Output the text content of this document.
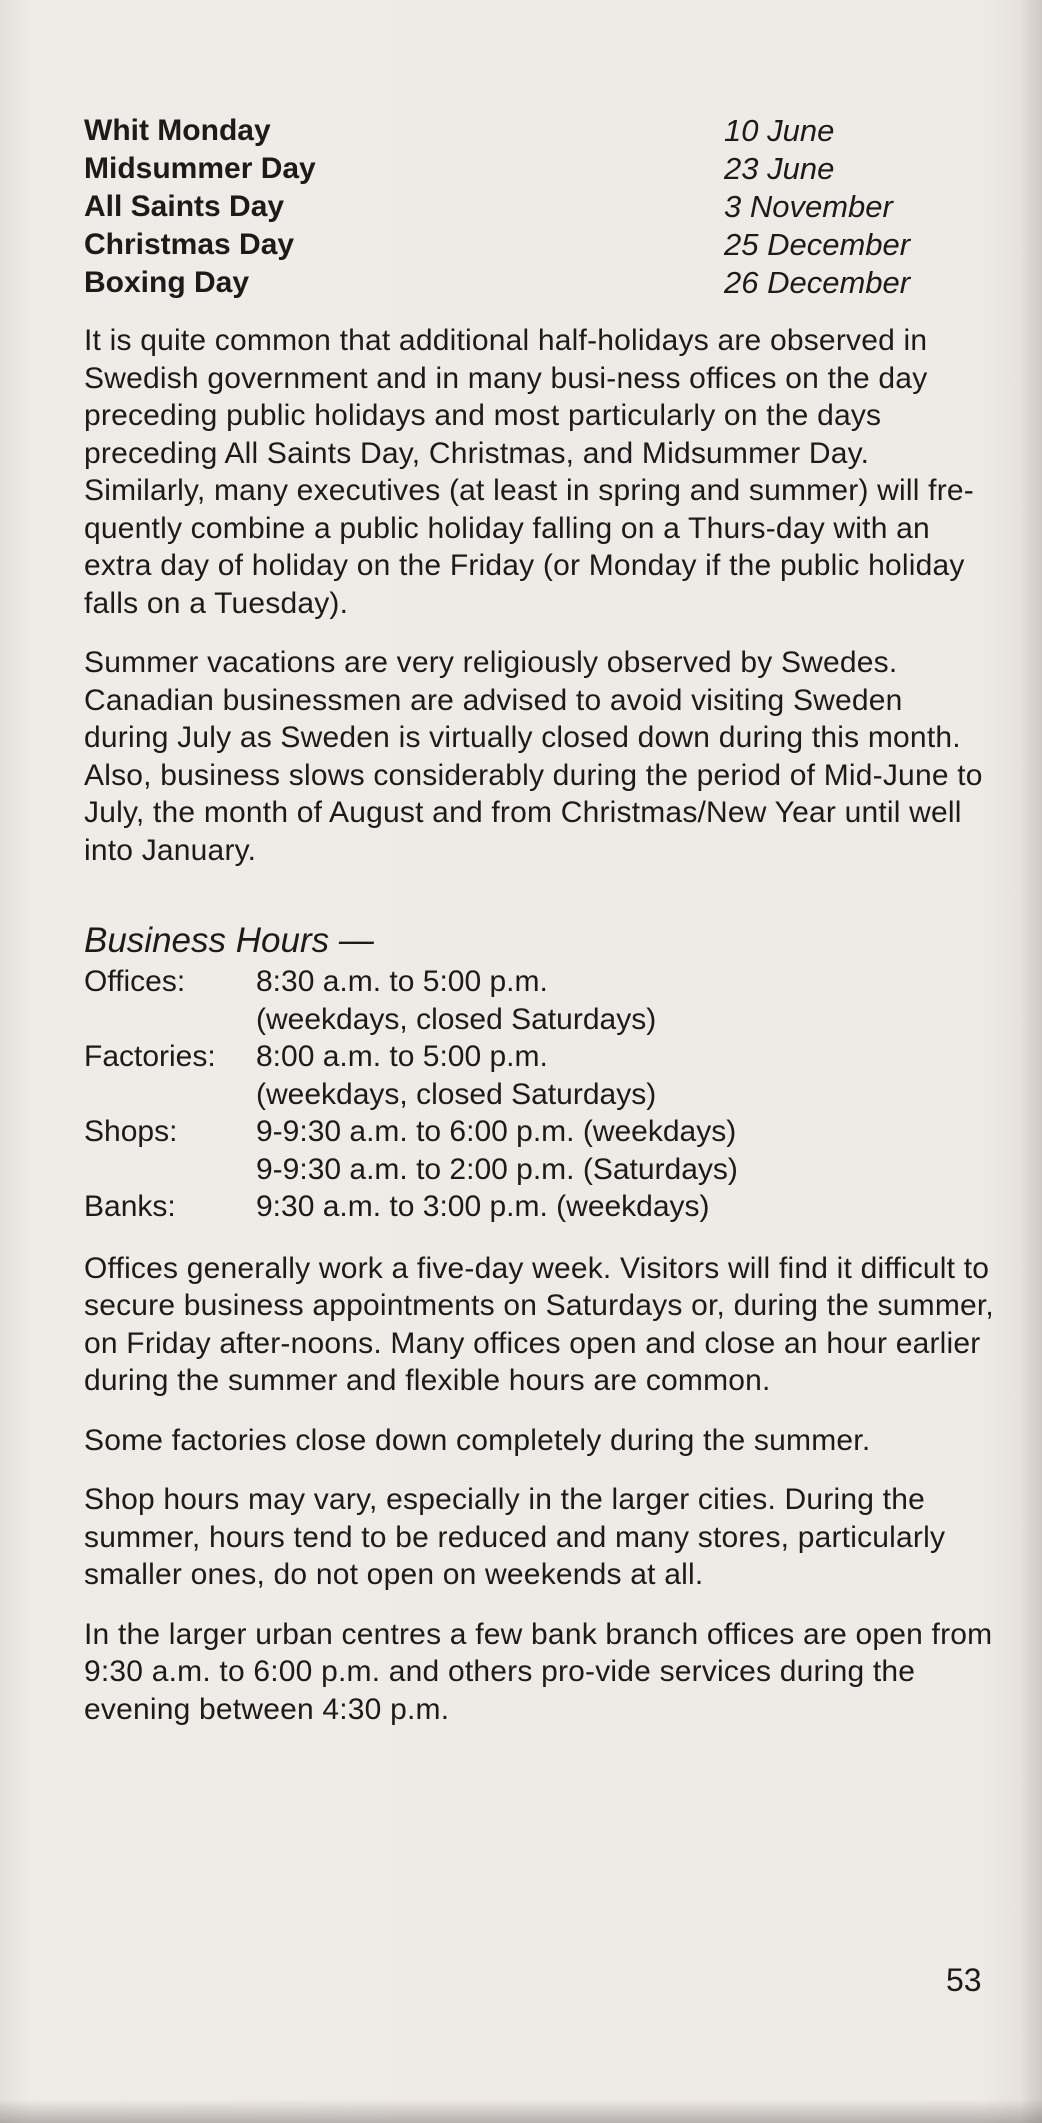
Whit Monday	10 June
Midsummer Day	23 June
All Saints Day	3 November
Christmas Day	25 December
Boxing Day	26 December

It is quite common that additional half-holidays are observed in Swedish government and in many busi-ness offices on the day preceding public holidays and most particularly on the days preceding All Saints Day, Christmas, and Midsummer Day. Similarly, many executives (at least in spring and summer) will fre-quently combine a public holiday falling on a Thurs-day with an extra day of holiday on the Friday (or Monday if the public holiday falls on a Tuesday).

Summer vacations are very religiously observed by Swedes. Canadian businessmen are advised to avoid visiting Sweden during July as Sweden is virtually closed down during this month. Also, business slows considerably during the period of Mid-June to July, the month of August and from Christmas/New Year until well into January.

Business Hours —
Offices:	8:30 a.m. to 5:00 p.m.
(weekdays, closed Saturdays)
Factories:	8:00 a.m. to 5:00 p.m.
(weekdays, closed Saturdays)
Shops:	9-9:30 a.m. to 6:00 p.m. (weekdays)
9-9:30 a.m. to 2:00 p.m. (Saturdays)
Banks:	9:30 a.m. to 3:00 p.m. (weekdays)

Offices generally work a five-day week. Visitors will find it difficult to secure business appointments on Saturdays or, during the summer, on Friday after-noons. Many offices open and close an hour earlier during the summer and flexible hours are common.

Some factories close down completely during the summer.

Shop hours may vary, especially in the larger cities. During the summer, hours tend to be reduced and many stores, particularly smaller ones, do not open on weekends at all.

In the larger urban centres a few bank branch offices are open from 9:30 a.m. to 6:00 p.m. and others pro-vide services during the evening between 4:30 p.m.

53
